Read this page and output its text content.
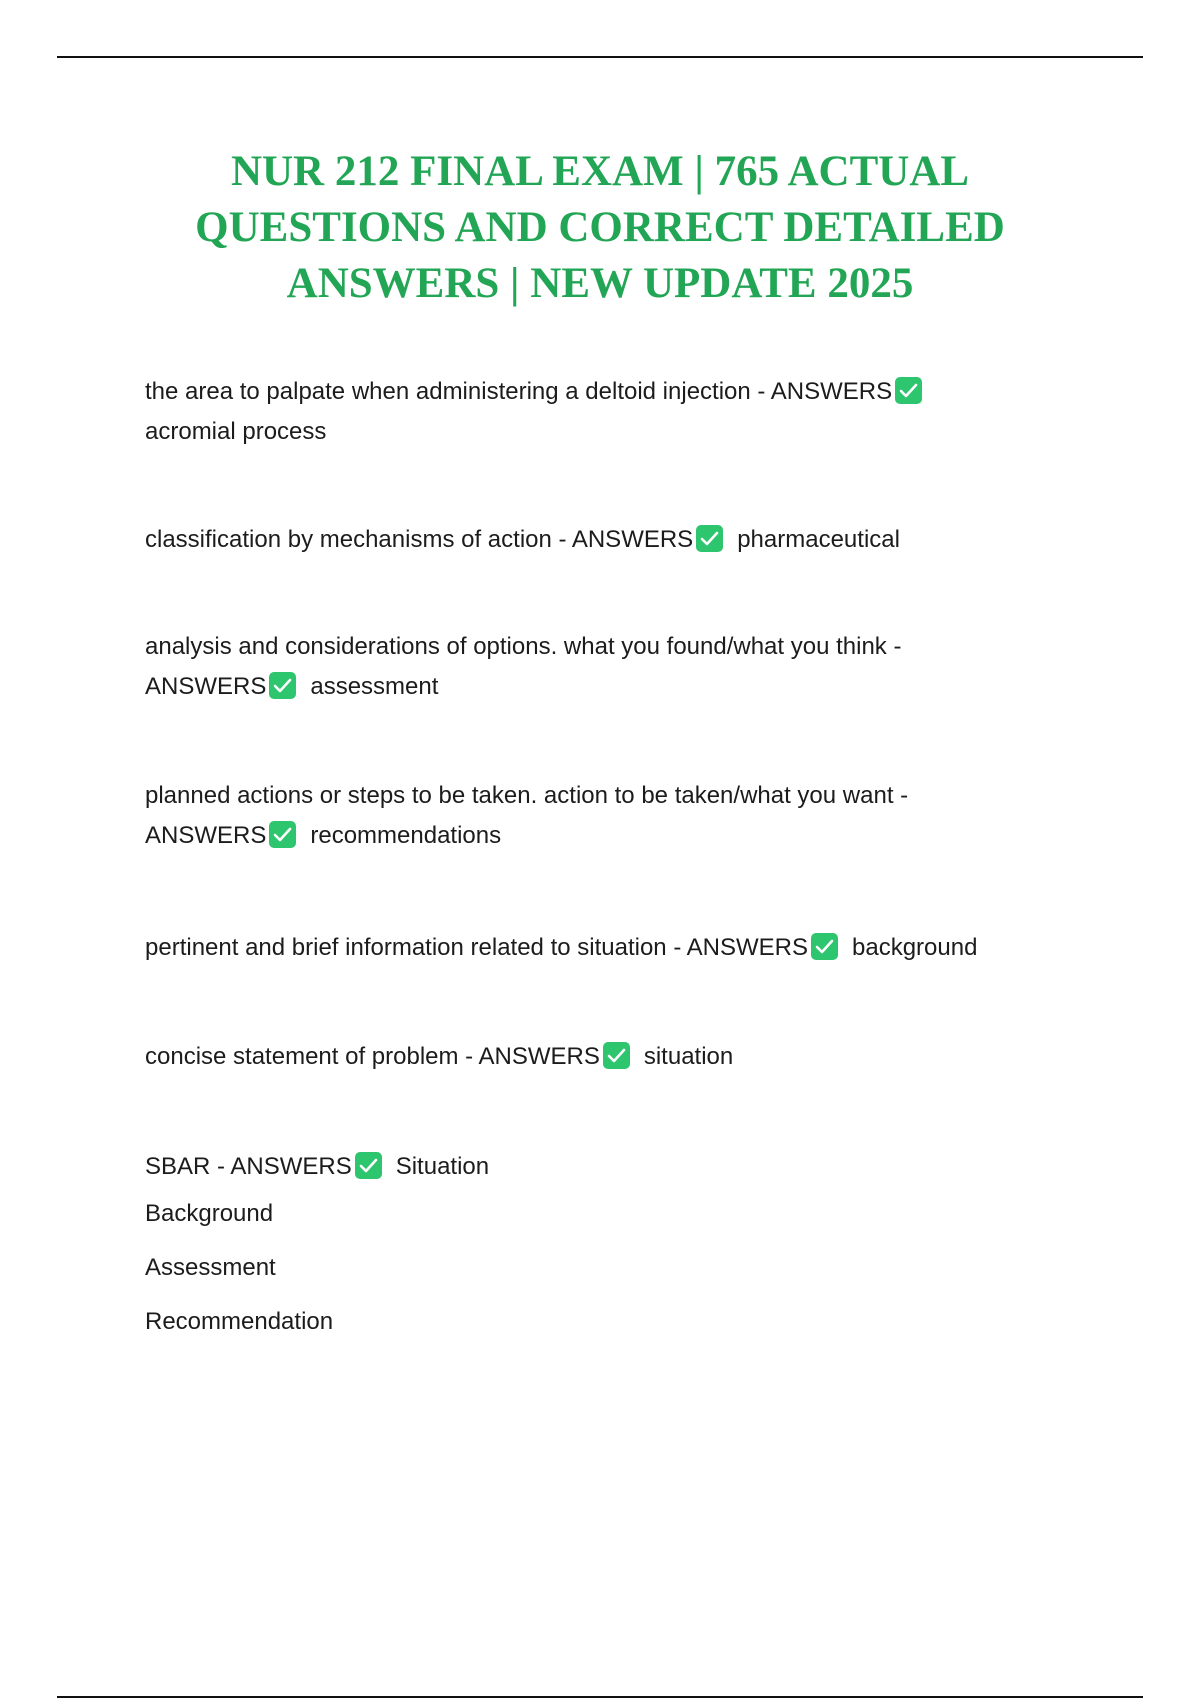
NUR 212 FINAL EXAM | 765 ACTUAL
QUESTIONS AND CORRECT DETAILED
ANSWERS | NEW UPDATE 2025

the area to palpate when administering a deltoid injection - ANSWERS

acromial process

classification by mechanisms of action - ANSWERS pharmaceutical

analysis and considerations of options. what you found/what you think -

ANSWERS assessment

planned actions or steps to be taken. action to be taken/what you want -

ANSWERS recommendations

pertinent and brief information related to situation - ANSWERS background

concise statement of problem - ANSWERS situation

SBAR - ANSWERS Situation

Background

Assessment

Recommendation
